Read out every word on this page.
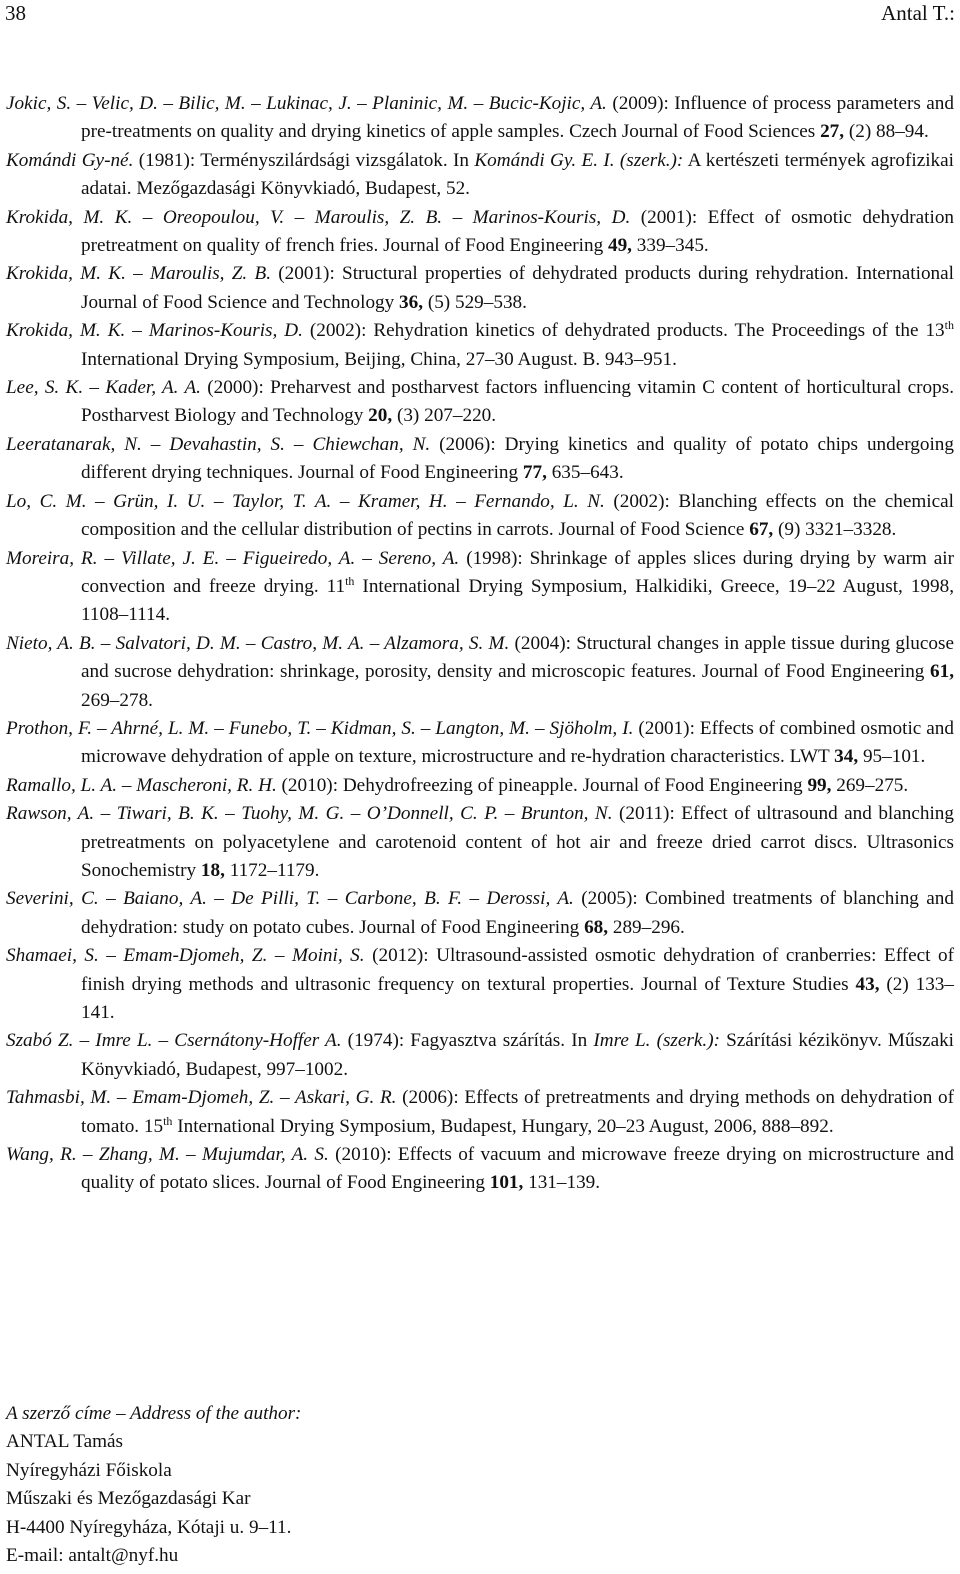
38	Antal T.:
Jokic, S. – Velic, D. – Bilic, M. – Lukinac, J. – Planinic, M. – Bucic-Kojic, A. (2009): Influence of process parameters and pre-treatments on quality and drying kinetics of apple samples. Czech Journal of Food Sciences 27, (2) 88–94.
Komándi Gy-né. (1981): Terményszilárdsági vizsgálatok. In Komándi Gy. E. I. (szerk.): A kertészeti termények agrofizikai adatai. Mezőgazdasági Könyvkiadó, Budapest, 52.
Krokida, M. K. – Oreopoulou, V. – Maroulis, Z. B. – Marinos-Kouris, D. (2001): Effect of osmotic dehydration pretreatment on quality of french fries. Journal of Food Engineering 49, 339–345.
Krokida, M. K. – Maroulis, Z. B. (2001): Structural properties of dehydrated products during rehydration. International Journal of Food Science and Technology 36, (5) 529–538.
Krokida, M. K. – Marinos-Kouris, D. (2002): Rehydration kinetics of dehydrated products. The Proceedings of the 13th International Drying Symposium, Beijing, China, 27–30 August. B. 943–951.
Lee, S. K. – Kader, A. A. (2000): Preharvest and postharvest factors influencing vitamin C content of horticultural crops. Postharvest Biology and Technology 20, (3) 207–220.
Leeratanarak, N. – Devahastin, S. – Chiewchan, N. (2006): Drying kinetics and quality of potato chips undergoing different drying techniques. Journal of Food Engineering 77, 635–643.
Lo, C. M. – Grün, I. U. – Taylor, T. A. – Kramer, H. – Fernando, L. N. (2002): Blanching effects on the chemical composition and the cellular distribution of pectins in carrots. Journal of Food Science 67, (9) 3321–3328.
Moreira, R. – Villate, J. E. – Figueiredo, A. – Sereno, A. (1998): Shrinkage of apples slices during drying by warm air convection and freeze drying. 11th International Drying Symposium, Halkidiki, Greece, 19–22 August, 1998, 1108–1114.
Nieto, A. B. – Salvatori, D. M. – Castro, M. A. – Alzamora, S. M. (2004): Structural changes in apple tissue during glucose and sucrose dehydration: shrinkage, porosity, density and microscopic features. Journal of Food Engineering 61, 269–278.
Prothon, F. – Ahrné, L. M. – Funebo, T. – Kidman, S. – Langton, M. – Sjöholm, I. (2001): Effects of combined osmotic and microwave dehydration of apple on texture, microstructure and re-hydration characteristics. LWT 34, 95–101.
Ramallo, L. A. – Mascheroni, R. H. (2010): Dehydrofreezing of pineapple. Journal of Food Engineering 99, 269–275.
Rawson, A. – Tiwari, B. K. – Tuohy, M. G. – O’Donnell, C. P. – Brunton, N. (2011): Effect of ultrasound and blanching pretreatments on polyacetylene and carotenoid content of hot air and freeze dried carrot discs. Ultrasonics Sonochemistry 18, 1172–1179.
Severini, C. – Baiano, A. – De Pilli, T. – Carbone, B. F. – Derossi, A. (2005): Combined treatments of blanching and dehydration: study on potato cubes. Journal of Food Engineering 68, 289–296.
Shamaei, S. – Emam-Djomeh, Z. – Moini, S. (2012): Ultrasound-assisted osmotic dehydration of cranberries: Effect of finish drying methods and ultrasonic frequency on textural properties. Journal of Texture Studies 43, (2) 133–141.
Szabó Z. – Imre L. – Csernátony-Hoffer A. (1974): Fagyasztva szárítás. In Imre L. (szerk.): Szárítási kézikönyv. Műszaki Könyvkiadó, Budapest, 997–1002.
Tahmasbi, M. – Emam-Djomeh, Z. – Askari, G. R. (2006): Effects of pretreatments and drying methods on dehydration of tomato. 15th International Drying Symposium, Budapest, Hungary, 20–23 August, 2006, 888–892.
Wang, R. – Zhang, M. – Mujumdar, A. S. (2010): Effects of vacuum and microwave freeze drying on microstructure and quality of potato slices. Journal of Food Engineering 101, 131–139.
A szerző címe – Address of the author:
ANTAL Tamás
Nyíregyházi Főiskola
Műszaki és Mezőgazdasági Kar
H-4400 Nyíregyháza, Kótaji u. 9–11.
E-mail: antalt@nyf.hu
